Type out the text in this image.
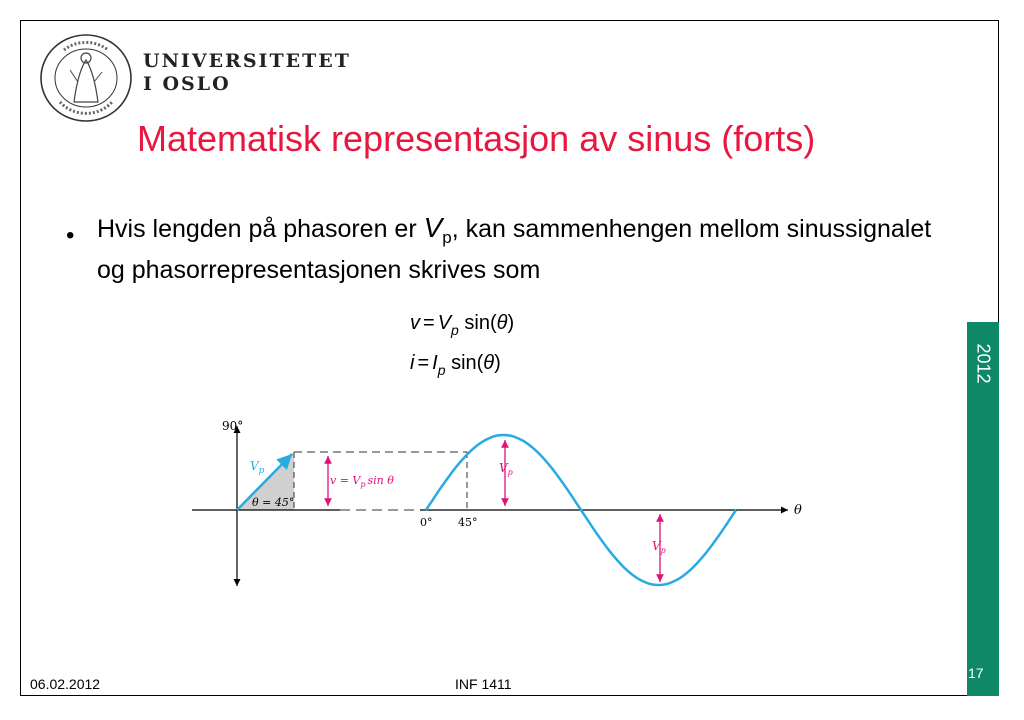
UNIVERSITETET
I OSLO
Matematisk representasjon av sinus (forts)
• Hvis lengden på phasoren er $V_p$, kan sammenhengen mellom sinussignalet og phasorrepresentasjonen skrives som
$v = V_p$ sin(θ)
$i = I_p$ sin(θ)
90°
$V_p$
θ = 45°
$v = V_p$ sin θ
0° 45°
$V_p$
$V_p$
θ
2012
17
06.02.2012	INF 1411
